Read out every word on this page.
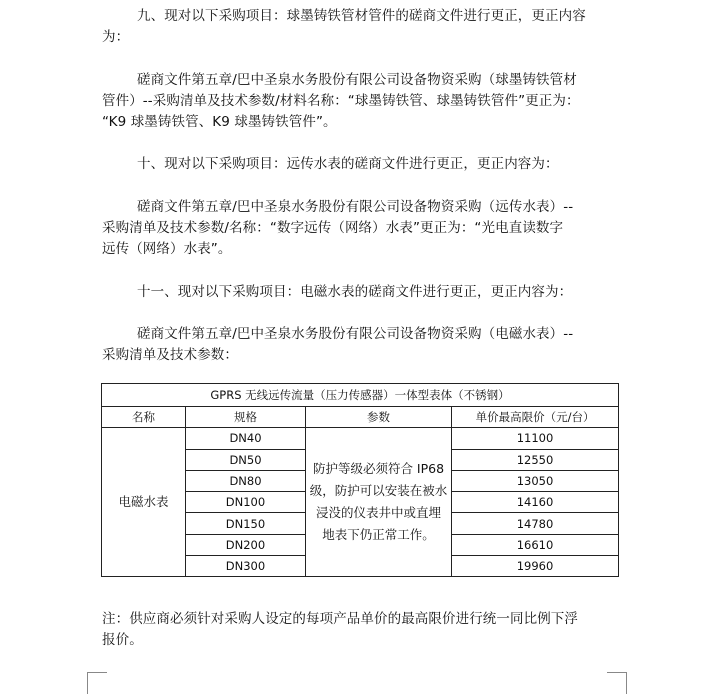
九、现对以下采购项目：球墨铸铁管材管件的磋商文件进行更正，更正内容
为：
磋商文件第五章/巴中圣泉水务股份有限公司设备物资采购（球墨铸铁管材
管件）--采购清单及技术参数/材料名称：“球墨铸铁管、球墨铸铁管件”更正为：
“K9 球墨铸铁管、K9 球墨铸铁管件”。
十、现对以下采购项目：远传水表的磋商文件进行更正，更正内容为：
磋商文件第五章/巴中圣泉水务股份有限公司设备物资采购（远传水表）--
采购清单及技术参数/名称：“数字远传（网络）水表”更正为：“光电直读数字
远传（网络）水表”。
十一、现对以下采购项目：电磁水表的磋商文件进行更正，更正内容为：
磋商文件第五章/巴中圣泉水务股份有限公司设备物资采购（电磁水表）--
采购清单及技术参数：
GPRS 无线远传流量（压力传感器）一体型表体（不锈钢）			
名称	规格	参数	单价最高限价（元/台）
电磁水表	DN40	防护等级必须符合 IP68
级，防护可以安装在被水
浸没的仪表井中或直埋
地表下仍正常工作。	11100
	DN50		12550
	DN80		13050
	DN100		14160
	DN150		14780
	DN200		16610
	DN300		19960
注：供应商必须针对采购人设定的每项产品单价的最高限价进行统一同比例下浮
报价。
